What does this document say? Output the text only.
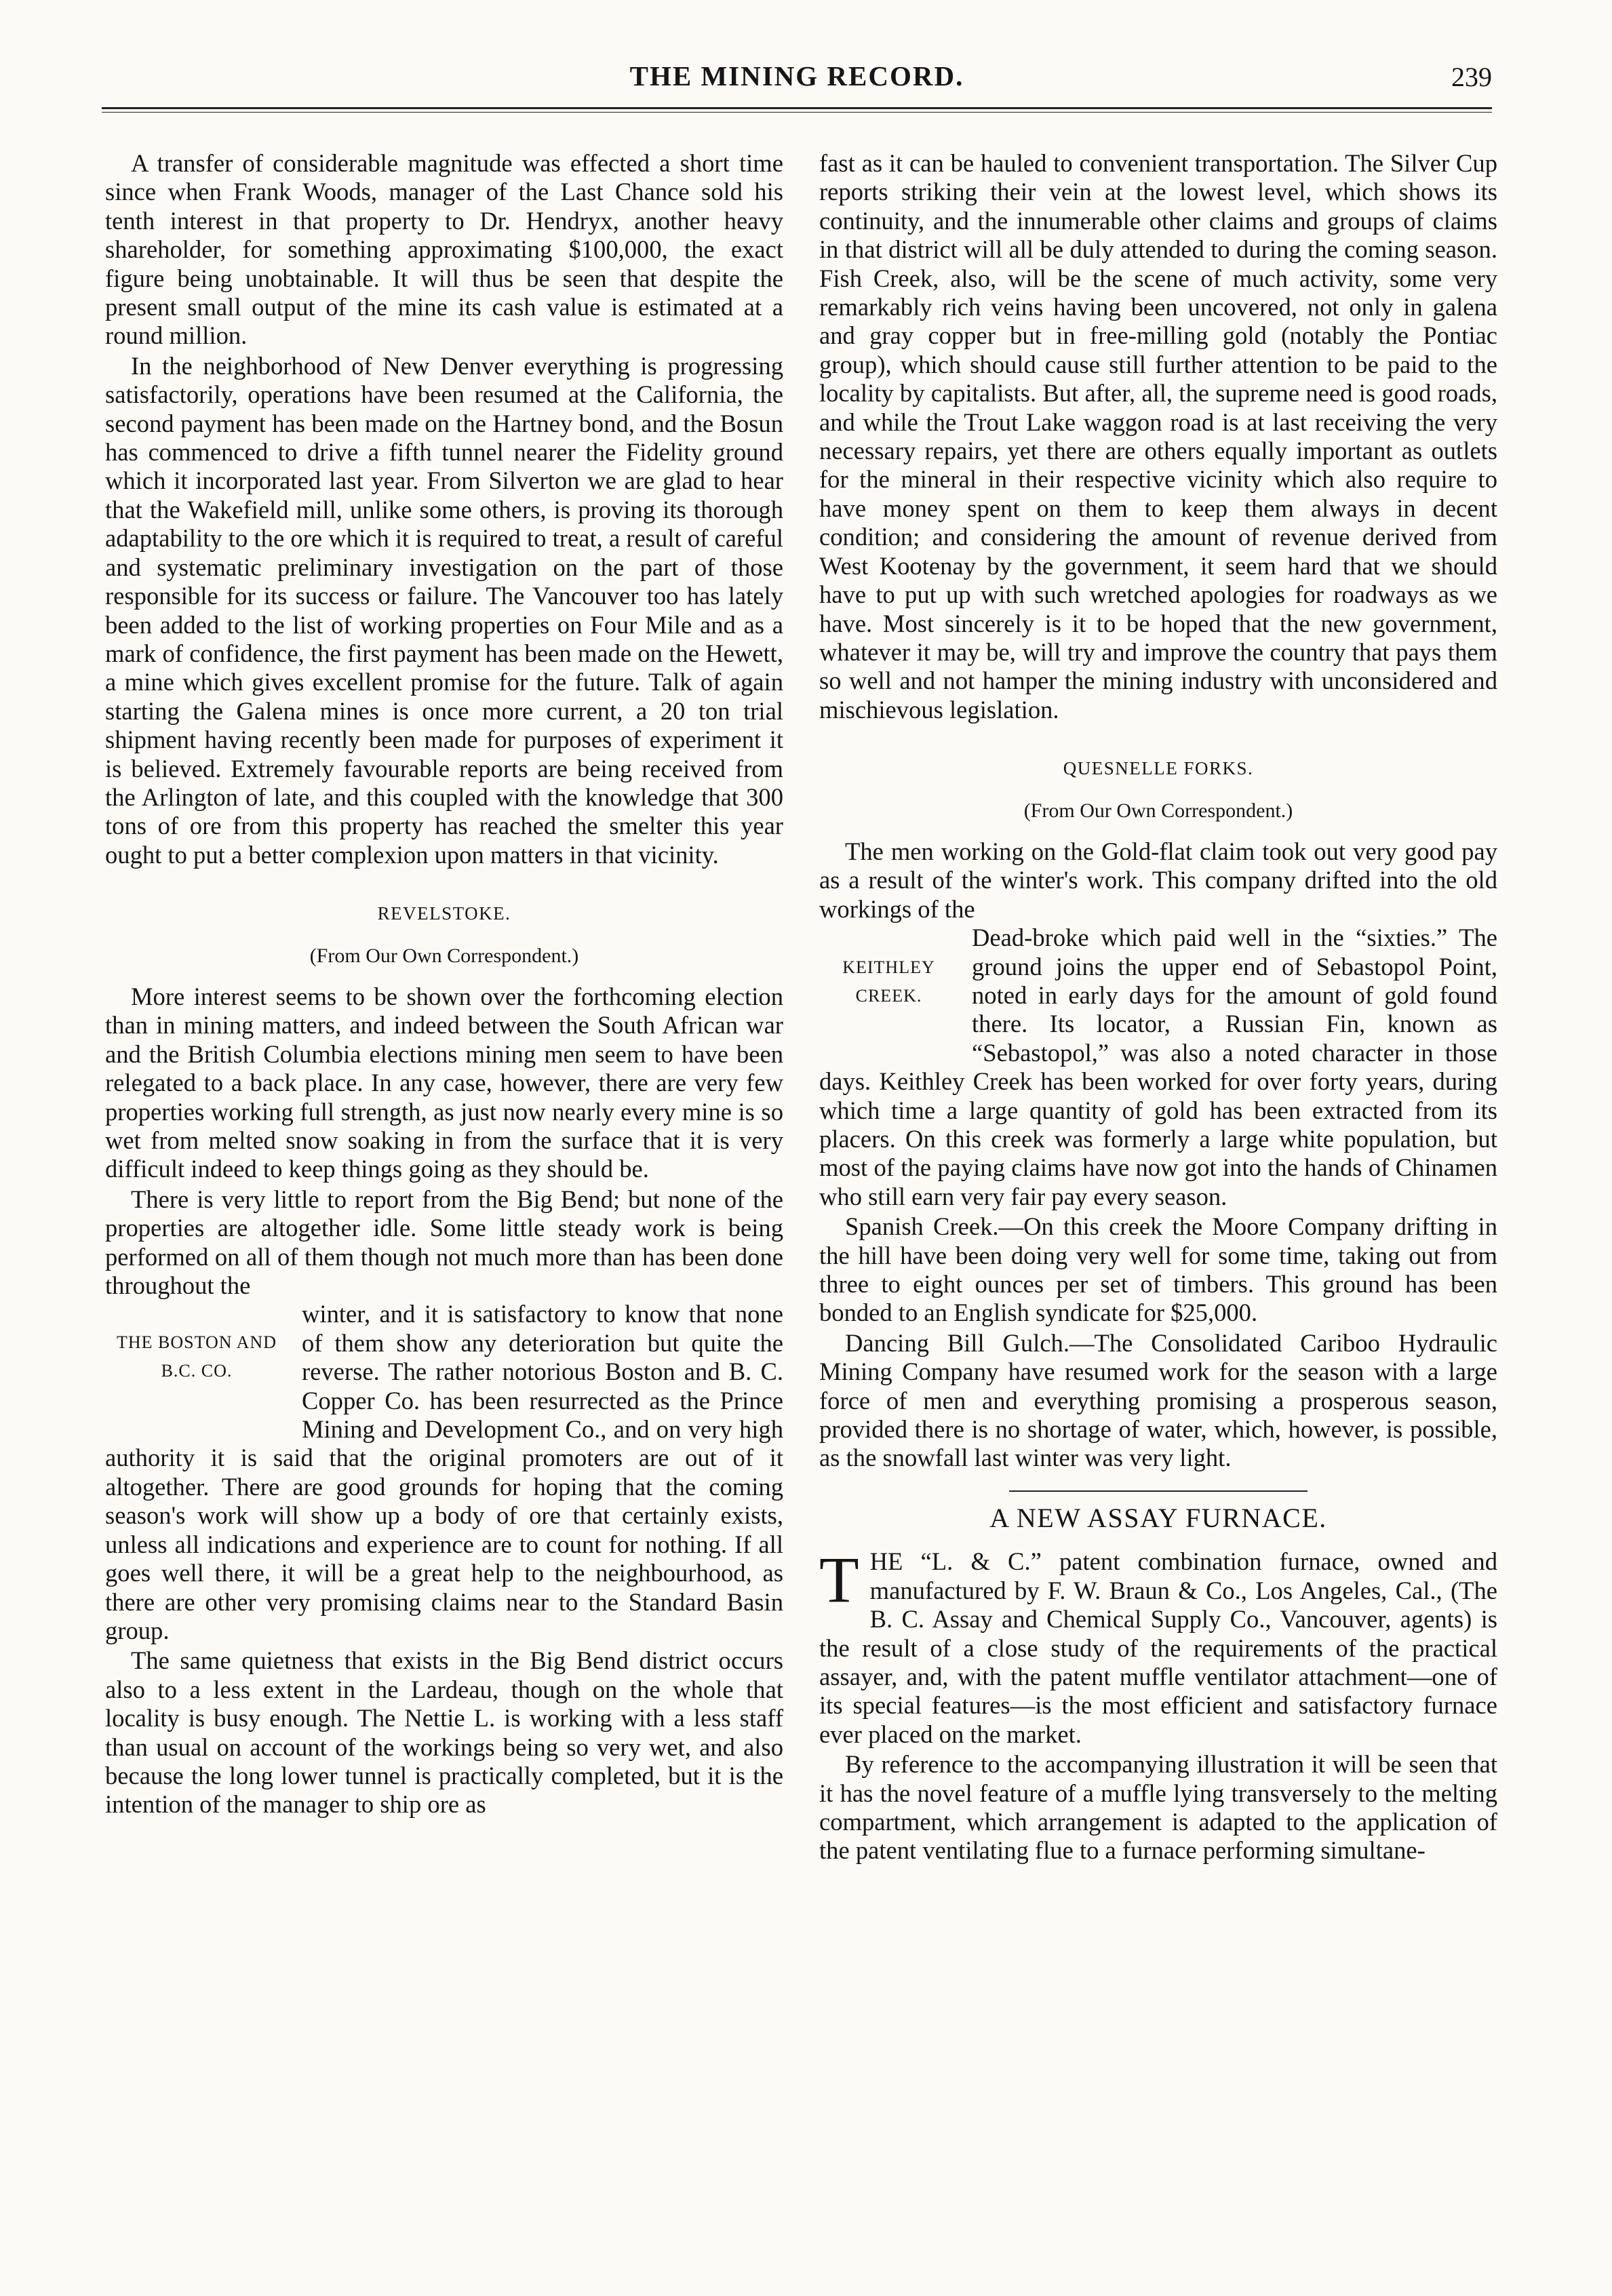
THE MINING RECORD.	239

A transfer of considerable magnitude was effected a short time since when Frank Woods, manager of the Last Chance sold his tenth interest in that property to Dr. Hendryx, another heavy shareholder, for something approximating $100,000, the exact figure being unobtainable. It will thus be seen that despite the present small output of the mine its cash value is estimated at a round million.

In the neighborhood of New Denver everything is progressing satisfactorily, operations have been resumed at the California, the second payment has been made on the Hartney bond, and the Bosun has commenced to drive a fifth tunnel nearer the Fidelity ground which it incorporated last year. From Silverton we are glad to hear that the Wakefield mill, unlike some others, is proving its thorough adaptability to the ore which it is required to treat, a result of careful and systematic preliminary investigation on the part of those responsible for its success or failure. The Vancouver too has lately been added to the list of working properties on Four Mile and as a mark of confidence, the first payment has been made on the Hewett, a mine which gives excellent promise for the future. Talk of again starting the Galena mines is once more current, a 20 ton trial shipment having recently been made for purposes of experiment it is believed. Extremely favourable reports are being received from the Arlington of late, and this coupled with the knowledge that 300 tons of ore from this property has reached the smelter this year ought to put a better complexion upon matters in that vicinity.

REVELSTOKE.
(From Our Own Correspondent.)

More interest seems to be shown over the forthcoming election than in mining matters, and indeed between the South African war and the British Columbia elections mining men seem to have been relegated to a back place. In any case, however, there are very few properties working full strength, as just now nearly every mine is so wet from melted snow soaking in from the surface that it is very difficult indeed to keep things going as they should be.

There is very little to report from the Big Bend; but none of the properties are altogether idle. Some little steady work is being performed on all of them though not much more than has been done throughout the

THE BOSTON AND B.C. CO.

winter, and it is satisfactory to know that none of them show any deterioration but quite the reverse. The rather notorious Boston and B. C. Copper Co. has been resurrected as the Prince Mining and Development Co., and on very high authority it is said that the original promoters are out of it altogether. There are good grounds for hoping that the coming season's work will show up a body of ore that certainly exists, unless all indications and experience are to count for nothing. If all goes well there, it will be a great help to the neighbourhood, as there are other very promising claims near to the Standard Basin group.

The same quietness that exists in the Big Bend district occurs also to a less extent in the Lardeau, though on the whole that locality is busy enough. The Nettie L. is working with a less staff than usual on account of the workings being so very wet, and also because the long lower tunnel is practically completed, but it is the intention of the manager to ship ore as

fast as it can be hauled to convenient transportation. The Silver Cup reports striking their vein at the lowest level, which shows its continuity, and the innumerable other claims and groups of claims in that district will all be duly attended to during the coming season. Fish Creek, also, will be the scene of much activity, some very remarkably rich veins having been uncovered, not only in galena and gray copper but in free-milling gold (notably the Pontiac group), which should cause still further attention to be paid to the locality by capitalists. But after, all, the supreme need is good roads, and while the Trout Lake waggon road is at last receiving the very necessary repairs, yet there are others equally important as outlets for the mineral in their respective vicinity which also require to have money spent on them to keep them always in decent condition; and considering the amount of revenue derived from West Kootenay by the government, it seem hard that we should have to put up with such wretched apologies for roadways as we have. Most sincerely is it to be hoped that the new government, whatever it may be, will try and improve the country that pays them so well and not hamper the mining industry with unconsidered and mischievous legislation.

QUESNELLE FORKS.
(From Our Own Correspondent.)

The men working on the Gold-flat claim took out very good pay as a result of the winter's work. This company drifted into the old workings of the

KEITHLEY CREEK.

Dead-broke which paid well in the “sixties.” The ground joins the upper end of Sebastopol Point, noted in early days for the amount of gold found there. Its locator, a Russian Fin, known as “Sebastopol,” was also a noted character in those days. Keithley Creek has been worked for over forty years, during which time a large quantity of gold has been extracted from its placers. On this creek was formerly a large white population, but most of the paying claims have now got into the hands of Chinamen who still earn very fair pay every season.

Spanish Creek.—On this creek the Moore Company drifting in the hill have been doing very well for some time, taking out from three to eight ounces per set of timbers. This ground has been bonded to an English syndicate for $25,000.

Dancing Bill Gulch.—The Consolidated Cariboo Hydraulic Mining Company have resumed work for the season with a large force of men and everything promising a prosperous season, provided there is no shortage of water, which, however, is possible, as the snowfall last winter was very light.

A NEW ASSAY FURNACE.

THE “L. & C.” patent combination furnace, owned and manufactured by F. W. Braun & Co., Los Angeles, Cal., (The B. C. Assay and Chemical Supply Co., Vancouver, agents) is the result of a close study of the requirements of the practical assayer, and, with the patent muffle ventilator attachment—one of its special features—is the most efficient and satisfactory furnace ever placed on the market.

By reference to the accompanying illustration it will be seen that it has the novel feature of a muffle lying transversely to the melting compartment, which arrangement is adapted to the application of the patent ventilating flue to a furnace performing simultane-
